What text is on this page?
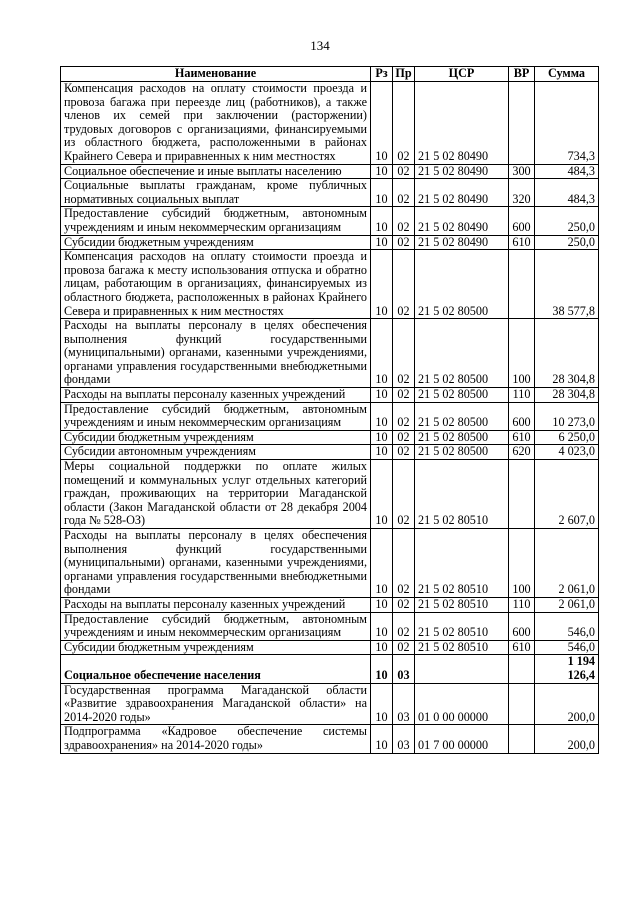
134
Наименование	Рз	Пр	ЦСР	ВР	Сумма
Компенсация расходов на оплату стоимости проезда и провоза багажа при переезде лиц (работников), а также членов их семей при заключении (расторжении) трудовых договоров с организациями, финансируемыми из областного бюджета, расположенными в районах Крайнего Севера и приравненных к ним местностях	10	02	21 5 02 80490		734,3
Социальное обеспечение и иные выплаты населению	10	02	21 5 02 80490	300	484,3
Социальные выплаты гражданам, кроме публичных нормативных социальных выплат	10	02	21 5 02 80490	320	484,3
Предоставление субсидий бюджетным, автономным учреждениям и иным некоммерческим организациям	10	02	21 5 02 80490	600	250,0
Субсидии бюджетным учреждениям	10	02	21 5 02 80490	610	250,0
Компенсация расходов на оплату стоимости проезда и провоза багажа к месту использования отпуска и обратно лицам, работающим в организациях, финансируемых из областного бюджета, расположенных в районах Крайнего Севера и приравненных к ним местностях	10	02	21 5 02 80500		38 577,8
Расходы на выплаты персоналу в целях обеспечения выполнения функций государственными (муниципальными) органами, казенными учреждениями, органами управления государственными внебюджетными фондами	10	02	21 5 02 80500	100	28 304,8
Расходы на выплаты персоналу казенных учреждений	10	02	21 5 02 80500	110	28 304,8
Предоставление субсидий бюджетным, автономным учреждениям и иным некоммерческим организациям	10	02	21 5 02 80500	600	10 273,0
Субсидии бюджетным учреждениям	10	02	21 5 02 80500	610	6 250,0
Субсидии автономным учреждениям	10	02	21 5 02 80500	620	4 023,0
Меры социальной поддержки по оплате жилых помещений и коммунальных услуг отдельных категорий граждан, проживающих на территории Магаданской области (Закон Магаданской области от 28 декабря 2004 года № 528-ОЗ)	10	02	21 5 02 80510		2 607,0
Расходы на выплаты персоналу в целях обеспечения выполнения функций государственными (муниципальными) органами, казенными учреждениями, органами управления государственными внебюджетными фондами	10	02	21 5 02 80510	100	2 061,0
Расходы на выплаты персоналу казенных учреждений	10	02	21 5 02 80510	110	2 061,0
Предоставление субсидий бюджетным, автономным учреждениям и иным некоммерческим организациям	10	02	21 5 02 80510	600	546,0
Субсидии бюджетным учреждениям	10	02	21 5 02 80510	610	546,0
Социальное обеспечение населения	10	03			1 194 126,4
Государственная программа Магаданской области «Развитие здравоохранения Магаданской области» на 2014-2020 годы»	10	03	01 0 00 00000		200,0
Подпрограмма «Кадровое обеспечение системы здравоохранения» на 2014-2020 годы»	10	03	01 7 00 00000		200,0
